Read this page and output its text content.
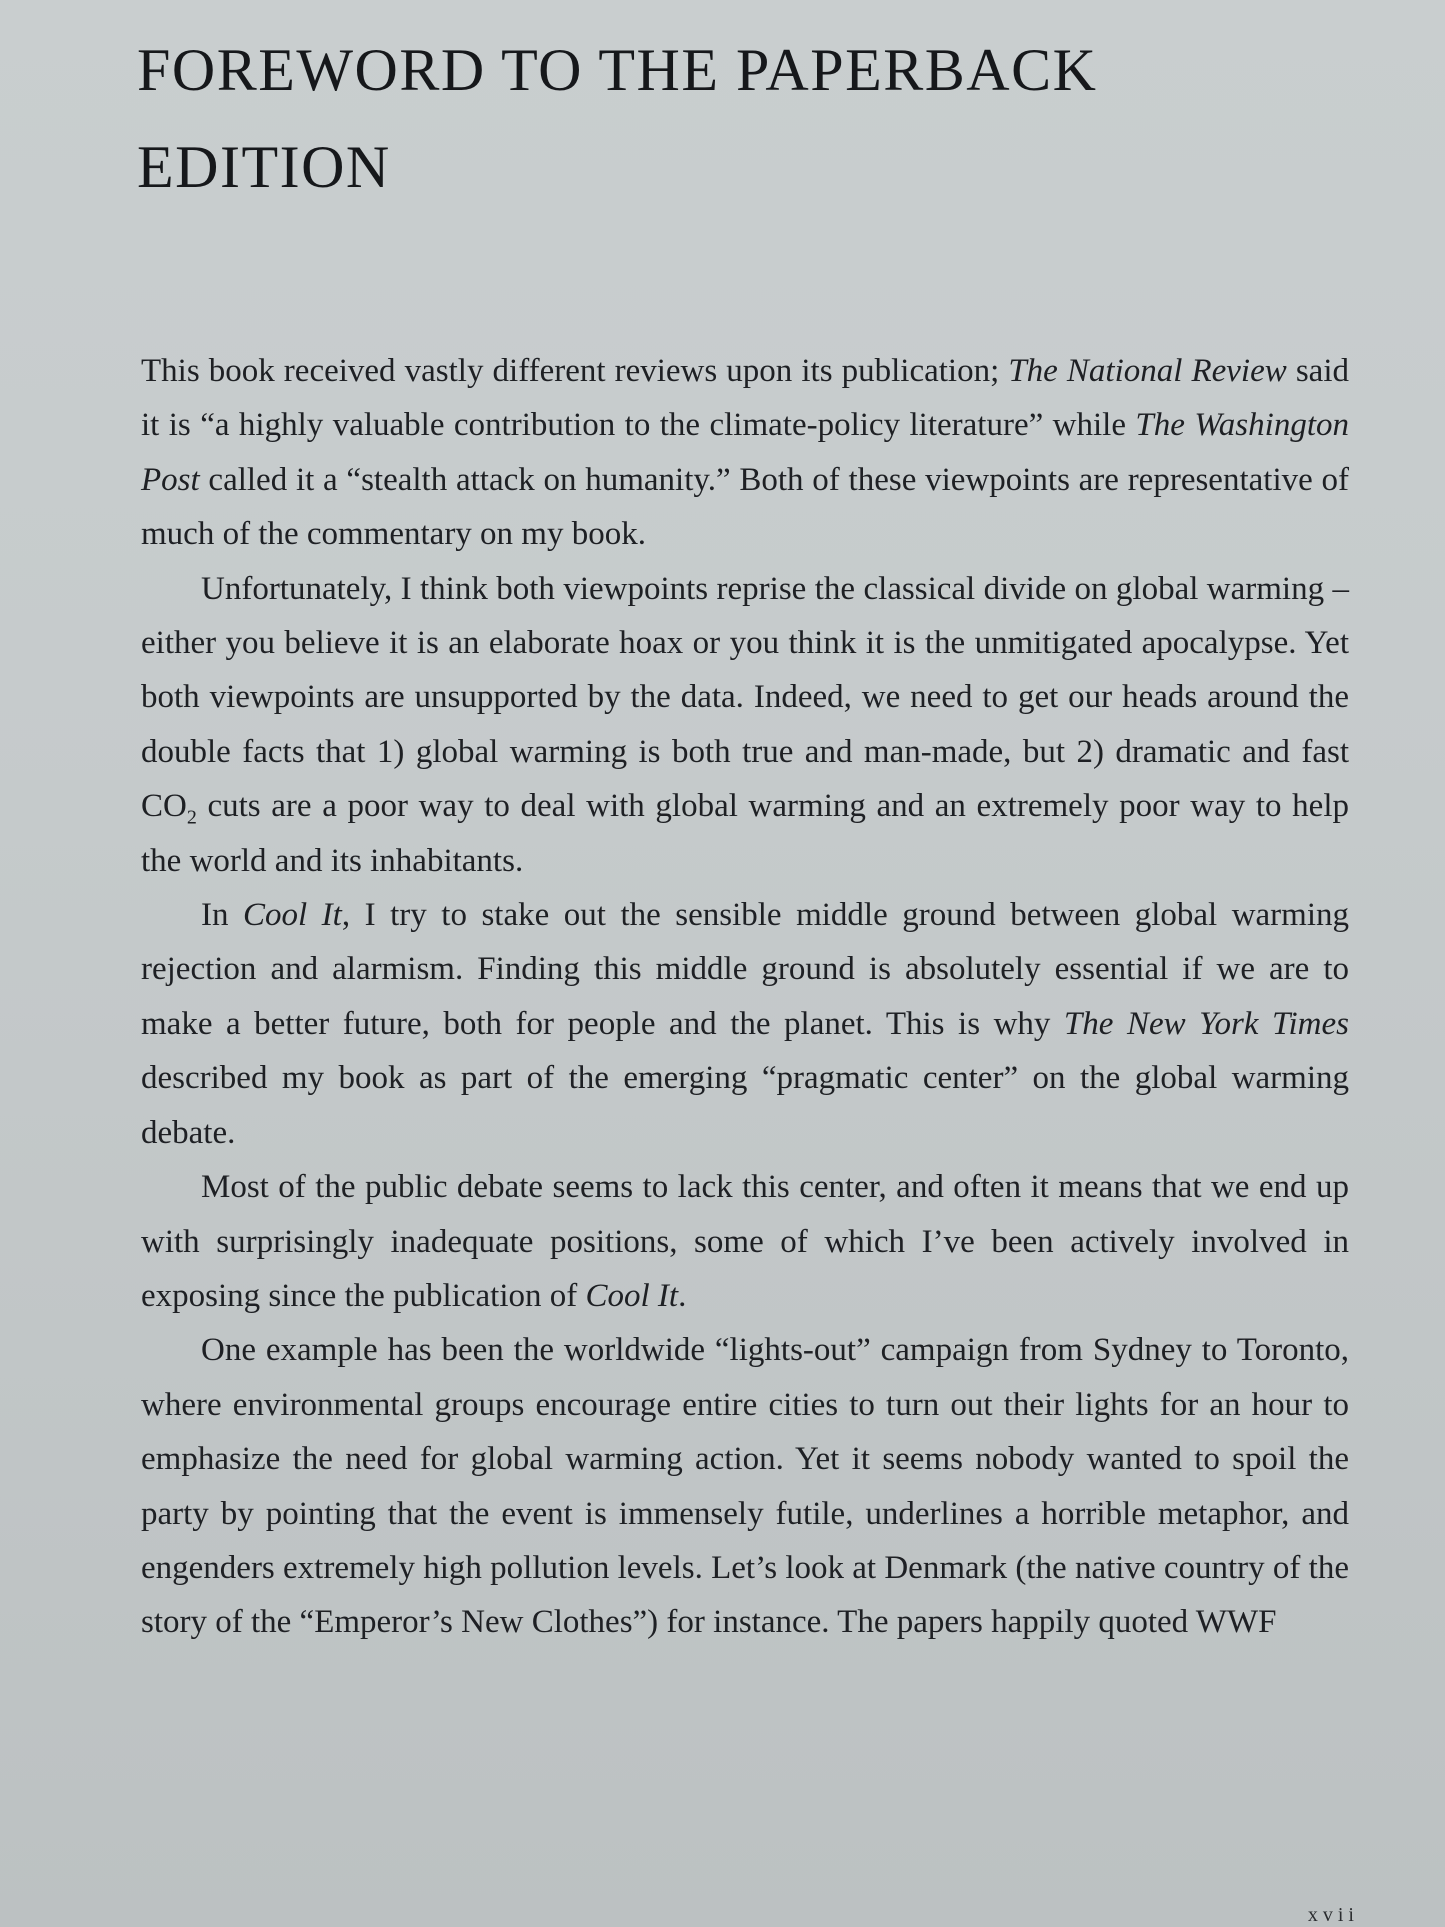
FOREWORD TO THE PAPERBACK
EDITION

This book received vastly different reviews upon its publication; The National Review said it is “a highly valuable contribution to the climate-policy literature” while The Washington Post called it a “stealth attack on humanity.” Both of these viewpoints are representative of much of the commentary on my book.

Unfortunately, I think both viewpoints reprise the classical divide on global warming – either you believe it is an elaborate hoax or you think it is the unmitigated apocalypse. Yet both viewpoints are unsupported by the data. Indeed, we need to get our heads around the double facts that 1) global warming is both true and man-made, but 2) dramatic and fast $CO_2$ cuts are a poor way to deal with global warming and an extremely poor way to help the world and its inhabitants.

In Cool It, I try to stake out the sensible middle ground between global warming rejection and alarmism. Finding this middle ground is absolutely essential if we are to make a better future, both for people and the planet. This is why The New York Times described my book as part of the emerging “pragmatic center” on the global warming debate.

Most of the public debate seems to lack this center, and often it means that we end up with surprisingly inadequate positions, some of which I’ve been actively involved in exposing since the publication of Cool It.

One example has been the worldwide “lights-out” campaign from Sydney to Toronto, where environmental groups encourage entire cities to turn out their lights for an hour to emphasize the need for global warming action. Yet it seems nobody wanted to spoil the party by pointing that the event is immensely futile, underlines a horrible metaphor, and engenders extremely high pollution levels. Let’s look at Denmark (the native country of the story of the “Emperor’s New Clothes”) for instance. The papers happily quoted WWF

xvii
